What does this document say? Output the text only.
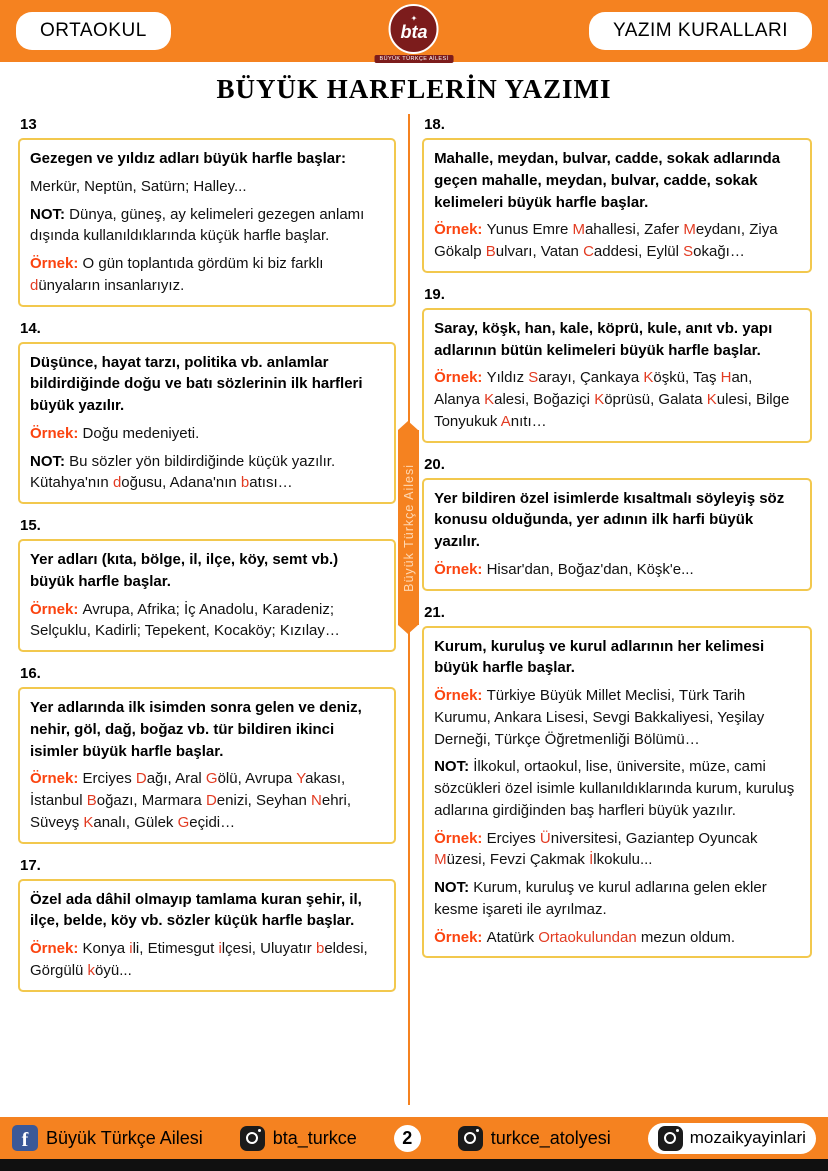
ORTAOKUL
✦
bta
BÜYÜK TÜRKÇE AİLESİ
YAZIM KURALLARI
BÜYÜK HARFLERİN YAZIMI
13

Gezegen ve yıldız adları büyük harfle başlar:

Merkür, Neptün, Satürn; Halley...

NOT: Dünya, güneş, ay kelimeleri gezegen anlamı dışında kullanıldıklarında küçük harfle başlar.

Örnek: O gün toplantıda gördüm ki biz farklı dünyaların insanlarıyız.

14.

Düşünce, hayat tarzı, politika vb. anlamlar bildirdiğinde doğu ve batı sözlerinin ilk harfleri büyük yazılır.

Örnek: Doğu medeniyeti.

NOT: Bu sözler yön bildirdiğinde küçük yazılır. Kütahya'nın doğusu, Adana'nın batısı…

15.

Yer adları (kıta, bölge, il, ilçe, köy, semt vb.) büyük harfle başlar.

Örnek: Avrupa, Afrika; İç Anadolu, Karadeniz; Selçuklu, Kadirli; Tepekent, Kocaköy; Kızılay…

16.

Yer adlarında ilk isimden sonra gelen ve deniz, nehir, göl, dağ, boğaz vb. tür bildiren ikinci isimler büyük harfle başlar.

Örnek: Erciyes Dağı, Aral Gölü, Avrupa Yakası, İstanbul Boğazı, Marmara Denizi, Seyhan Nehri, Süveyş Kanalı, Gülek Geçidi…

17.

Özel ada dâhil olmayıp tamlama kuran şehir, il, ilçe, belde, köy vb. sözler küçük harfle başlar.

Örnek: Konya ili, Etimesgut ilçesi, Uluyatır beldesi, Görgülü köyü...

18.

Mahalle, meydan, bulvar, cadde, sokak adlarında geçen mahalle, meydan, bulvar, cadde, sokak kelimeleri büyük harfle başlar.

Örnek: Yunus Emre Mahallesi, Zafer Meydanı, Ziya Gökalp Bulvarı, Vatan Caddesi, Eylül Sokağı…

19.

Saray, köşk, han, kale, köprü, kule, anıt vb. yapı adlarının bütün kelimeleri büyük harfle başlar.

Örnek: Yıldız Sarayı, Çankaya Köşkü, Taş Han, Alanya Kalesi, Boğaziçi Köprüsü, Galata Kulesi, Bilge Tonyukuk Anıtı…

20.

Yer bildiren özel isimlerde kısaltmalı söyleyiş söz konusu olduğunda, yer adının ilk harfi büyük yazılır.

Örnek: Hisar'dan, Boğaz'dan, Köşk'e...

21.

Kurum, kuruluş ve kurul adlarının her kelimesi büyük harfle başlar.

Örnek: Türkiye Büyük Millet Meclisi, Türk Tarih Kurumu, Ankara Lisesi, Sevgi Bakkaliyesi, Yeşilay Derneği, Türkçe Öğretmenliği Bölümü…

NOT: İlkokul, ortaokul, lise, üniversite, müze, cami sözcükleri özel isimle kullanıldıklarında kurum, kuruluş adlarına girdiğinden baş harfleri büyük yazılır.

Örnek: Erciyes Üniversitesi, Gaziantep Oyuncak Müzesi, Fevzi Çakmak İlkokulu...

NOT: Kurum, kuruluş ve kurul adlarına gelen ekler kesme işareti ile ayrılmaz.

Örnek: Atatürk Ortaokulundan mezun oldum.

Büyük Türkçe Ailesi
f Büyük Türkçe Ailesi	bta_turkce	2	turkce_atolyesi	mozaikyayinlari
